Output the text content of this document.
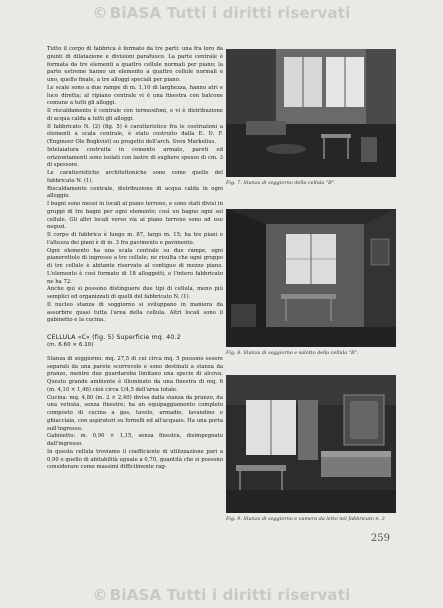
© BiASA Tutti i diritti riservati

Tutto il corpo di fabbrica è formato da tre parti: una fra loro da giunti di dilatazione e divisioni parafuoco. La parte centrale è formata da tre elementi a quattro cellule normali per piano; la parte estreme hanno un elemento a quattro cellule normali e uno, quello finale, a tre alloggi speciali per piano.

Le scale sono a due rampe di m. 1,10 di larghezza, hanno atri e luce diretta; al ripiano centrale vi è una finestra con balcone comune a tutti gli alloggi.

Il riscaldamento è centrale con termosifoni, e vi è distribuzione di acqua calda a tutti gli alloggi.

Il fabbricato N. (2) (fig. 5) è caratteristico fra le costruzioni a elementi a scala centrale, è stato costruito dalla E. D. F. (Engineer Ole Bogkvist) su progetto dell'arch. Sven Markelius.

Intelaiatura costruita in cemento armato, pareti ed orizzontamenti sono isolati con lastre di sughero spesso di cm. 3 di spessore.

Le caratteristiche architettoniche sono come quelle del fabbricato N. (1).

Riscaldamento centrale, distribuzione di acqua calda in ogni alloggio.

I bagni sono messi in locali al piano terreno, e sono stati divisi in gruppi di tre bagni per ogni elemento; così un bagno ogni sei cellule. Gli altri locali verso via al piano terreno sono ad uso negozi.

Il corpo di fabbrica è lungo m. 87, largo m. 15; ha tre piani e l'altezza dei piani è di m. 3 fra pavimento e pavimento.

Ogni elemento ha una scala centrale su due rampe, ogni pianerottolo di ingresso a tre cellule; ne risulta che ogni gruppo di tre cellule è abitante riservato al contiguo di mezzo piano. L'elemento è così formato di 18 alloggetti, e l'intero fabbricato ne ha 72.

Anche qui si possono distinguere due tipi di cellula, meno più semplici ed organizzati di quelli del fabbricato N. (1).

Il nucleo stanza di soggiorno si sviluppano in maniera da assorbire quasi tutta l'area della cellula. Altri locali sono il gabinetto e la cucina.

CELLULA «C» (fig. 5) Superficie mq. 40.2

(m. 6.60 × 6.10)

Stanza di soggiorno: mq. 27,5 di cui circa mq. 5 possono essere separati da una parete scorrevole e sono destinati a stanza da pranzo, mentre due guardaroba limitano una specie di alcova. Questo grande ambiente è illuminato da una finestra di mq. 6 (m. 4,10 × 1,46) cioè circa 1/4,5 dell'area totale.

Cucina: mq. 4,80 (m. 2 × 2,40) divisa dalla stanza da pranzo, da una vetrata, senza finestre; ha un equipaggiamento completo composto di cucina a gas, tavolo, armadio, lavandino e ghiacciaia, con aspiratori su fornelli ed all'acquaio. Ha una porta sull'ingresso.

Gabinetto: m. 0,90 × 1,15, senza finestra, disimpegnato dall'ingresso.

In questa cellula troviamo il coefficiente di utilizzazione pari a 0,90 e quello di abitabilità uguale a 0,70, quantità che si possono considerare come massimi difficilmente rag-

Fig. 7. Stanza di soggiorno della cellula "B".
Fig. 8. Stanza di soggiorno e salotto della cellula "B".
Fig. 9. Stanza di soggiorno e camera da letto nel fabbricato n. 3
259
© BiASA Tutti i diritti riservati
